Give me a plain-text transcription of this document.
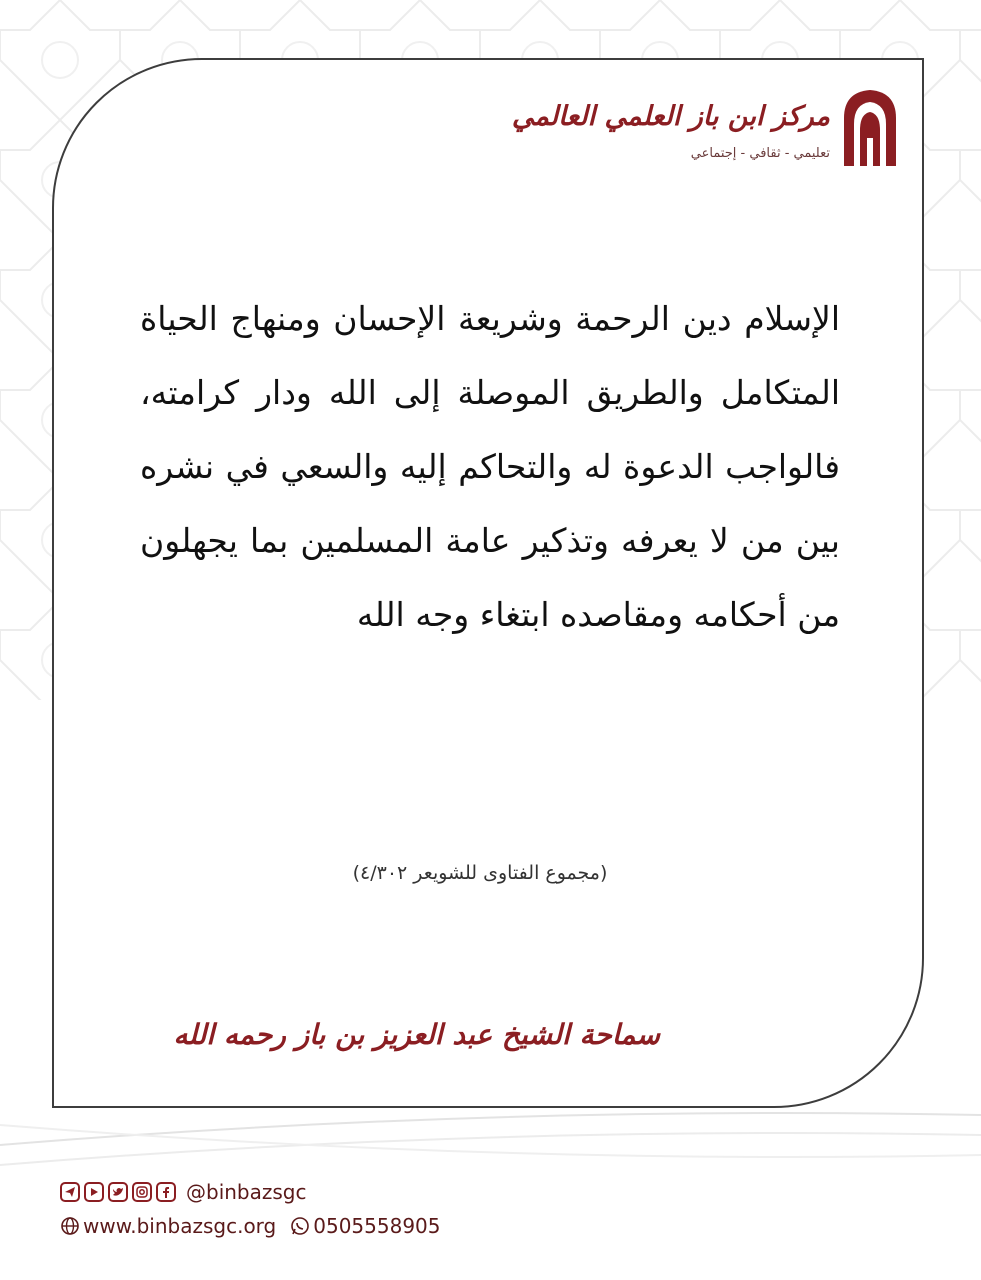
مركز ابن باز العلمي العالمي
تعليمي - ثقافي - إجتماعي
الإسلام دين الرحمة وشريعة الإحسان ومنهاج الحياة المتكامل والطريق الموصلة إلى الله ودار كرامته، فالواجب الدعوة له والتحاكم إليه والسعي في نشره بين من لا يعرفه وتذكير عامة المسلمين بما يجهلون من أحكامه ومقاصده ابتغاء وجه الله
(مجموع الفتاوى للشويعر ٤/٣٠٢)
سماحة الشيخ عبد العزيز بن باز رحمه الله
@binbazsgc
www.binbazsgc.org 0505558905
